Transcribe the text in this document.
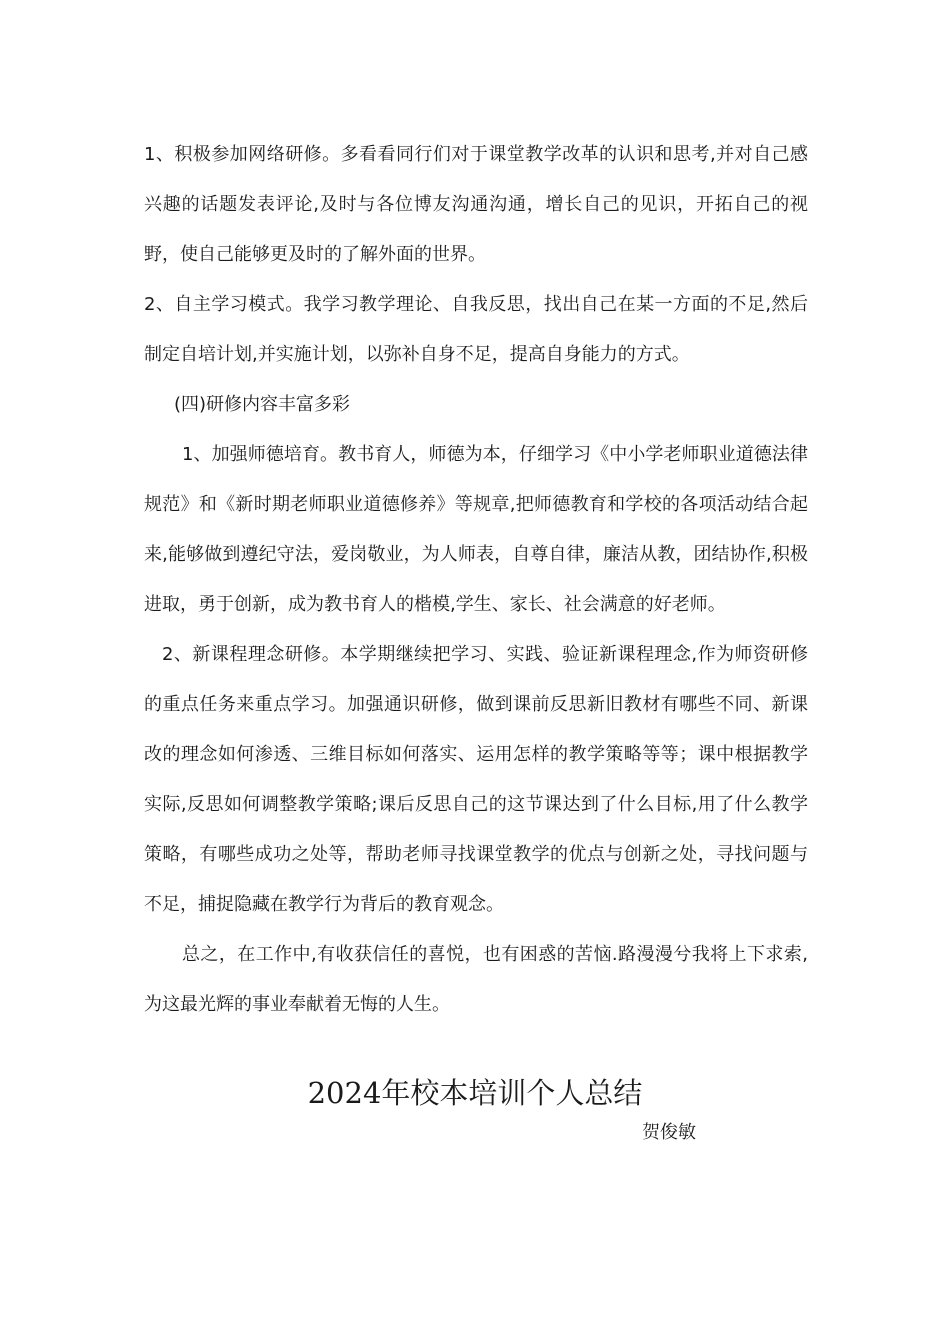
1、积极参加网络研修。多看看同行们对于课堂教学改革的认识和思考,并对自己感兴趣的话题发表评论,及时与各位博友沟通沟通，增长自己的见识，开拓自己的视野，使自己能够更及时的了解外面的世界。

2、自主学习模式。我学习教学理论、自我反思，找出自己在某一方面的不足,然后制定自培计划,并实施计划，以弥补自身不足，提高自身能力的方式。

(四)研修内容丰富多彩

1、加强师德培育。教书育人，师德为本，仔细学习《中小学老师职业道德法律规范》和《新时期老师职业道德修养》等规章,把师德教育和学校的各项活动结合起来,能够做到遵纪守法，爱岗敬业，为人师表，自尊自律，廉洁从教，团结协作,积极进取，勇于创新，成为教书育人的楷模,学生、家长、社会满意的好老师。

2、新课程理念研修。本学期继续把学习、实践、验证新课程理念,作为师资研修的重点任务来重点学习。加强通识研修，做到课前反思新旧教材有哪些不同、新课改的理念如何渗透、三维目标如何落实、运用怎样的教学策略等等；课中根据教学实际,反思如何调整教学策略;课后反思自己的这节课达到了什么目标,用了什么教学策略，有哪些成功之处等，帮助老师寻找课堂教学的优点与创新之处，寻找问题与不足，捕捉隐藏在教学行为背后的教育观念。

总之，在工作中,有收获信任的喜悦，也有困惑的苦恼.路漫漫兮我将上下求索,为这最光辉的事业奉献着无悔的人生。

2024年校本培训个人总结
贺俊敏
